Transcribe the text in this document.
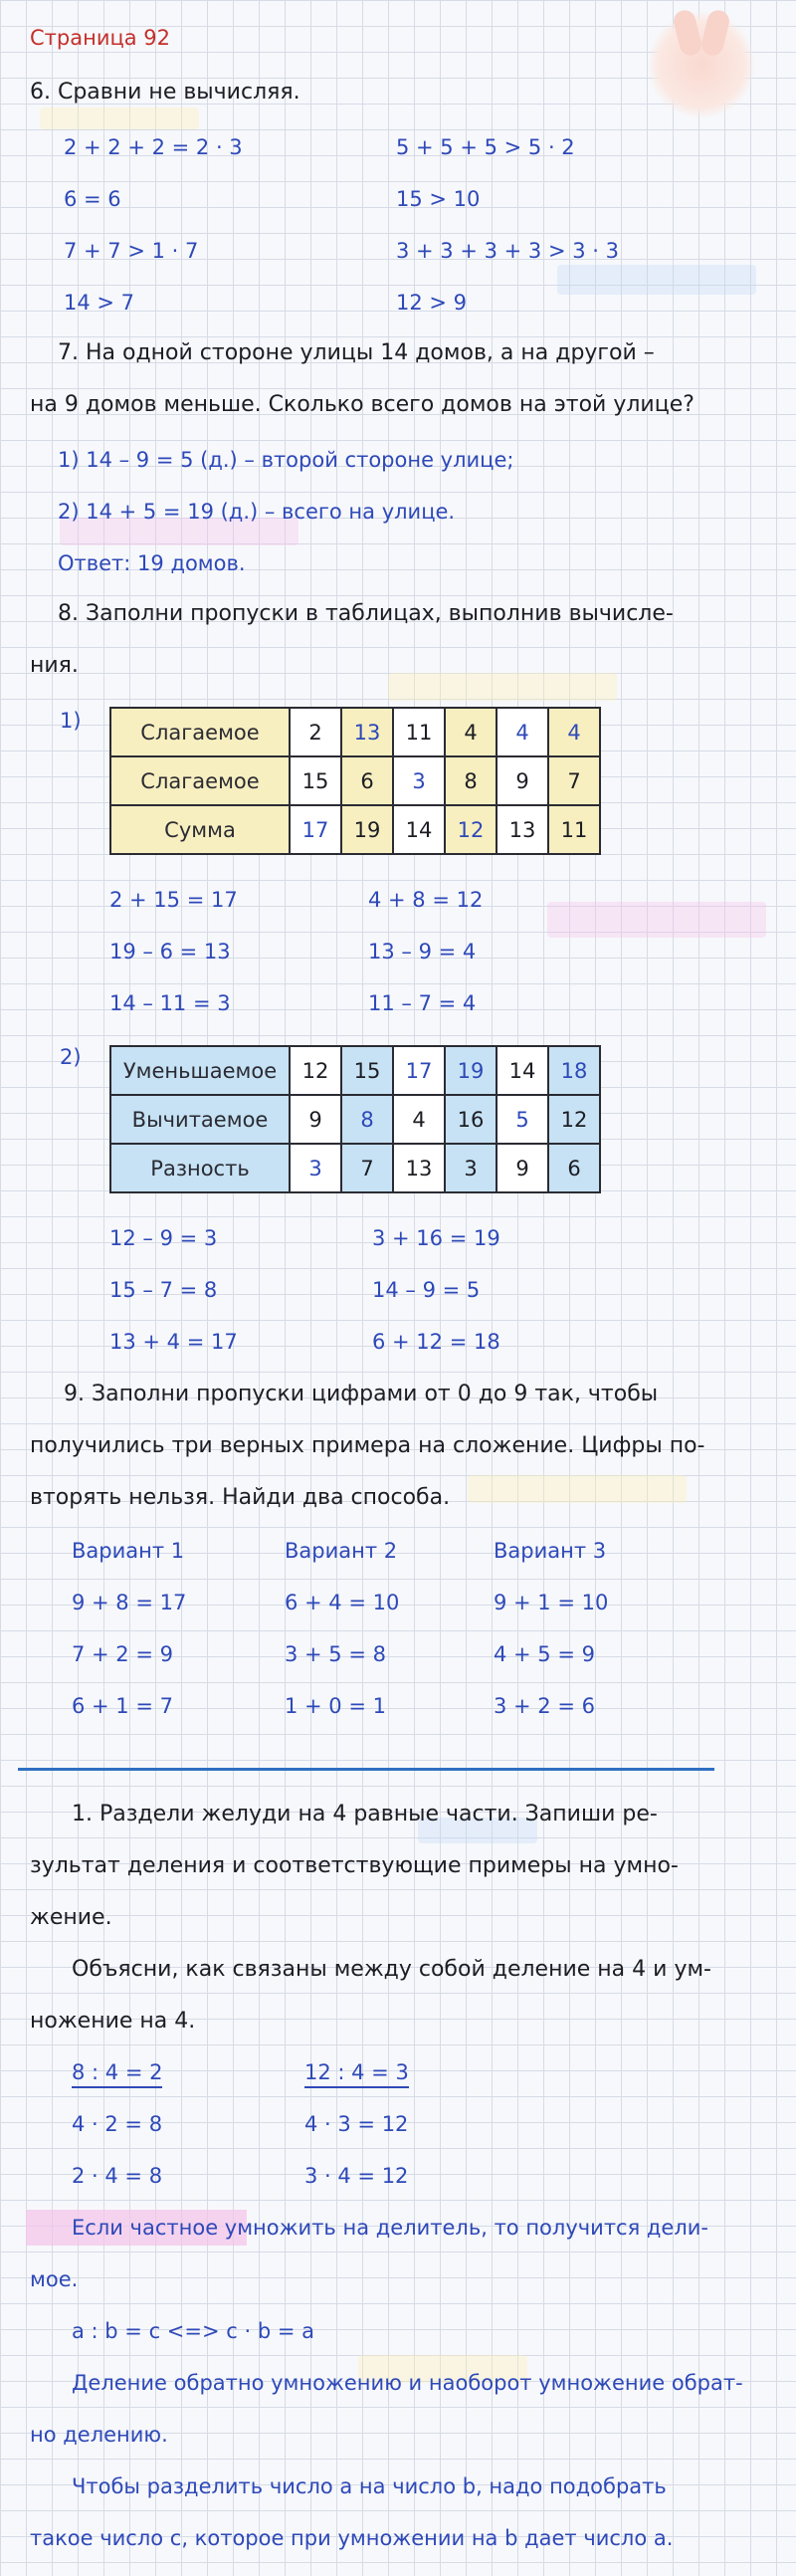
Страница 92
6. Сравни не вычисляя.
2 + 2 + 2 = 2 · 3
6 = 6
7 + 7 > 1 · 7
14 > 7
5 + 5 + 5 > 5 · 2
15 > 10
3 + 3 + 3 + 3 > 3 · 3
12 > 9
7. На одной стороне улицы 14 домов, а на другой –
на 9 домов меньше. Сколько всего домов на этой улице?
1) 14 – 9 = 5 (д.) – второй стороне улице;
2) 14 + 5 = 19 (д.) – всего на улице.
Ответ: 19 домов.
8. Заполни пропуски в таблицах, выполнив вычисле-
ния.
1)	Слагаемое	2	13	11	4	4	4
Слагаемое	15	6	3	8	9	7
Сумма	17	19	14	12	13	11
2 + 15 = 17
19 – 6 = 13
14 – 11 = 3
4 + 8 = 12
13 – 9 = 4
11 – 7 = 4
2)
Уменьшаемое	12	15	17	19	14	18
Вычитаемое	9	8	4	16	5	12
Разность	3	7	13	3	9	6
12 – 9 = 3
15 – 7 = 8
13 + 4 = 17
3 + 16 = 19
14 – 9 = 5
6 + 12 = 18
9. Заполни пропуски цифрами от 0 до 9 так, чтобы
получились три верных примера на сложение. Цифры по-
вторять нельзя. Найди два способа.
Вариант 1
9 + 8 = 17
7 + 2 = 9
6 + 1 = 7
Вариант 2
6 + 4 = 10
3 + 5 = 8
1 + 0 = 1
Вариант 3
9 + 1 = 10
4 + 5 = 9
3 + 2 = 6
1. Раздели желуди на 4 равные части. Запиши ре-
зультат деления и соответствующие примеры на умно-
жение.
Объясни, как связаны между собой деление на 4 и ум-
ножение на 4.
8 : 4 = 2
4 · 2 = 8
2 · 4 = 8
12 : 4 = 3
4 · 3 = 12
3 · 4 = 12
Если частное умножить на делитель, то получится дели-
мое.
a : b = c <=> c · b = a
Деление обратно умножению и наоборот умножение обрат-
но делению.
Чтобы разделить число a на число b, надо подобрать
такое число c, которое при умножении на b дает число a.
